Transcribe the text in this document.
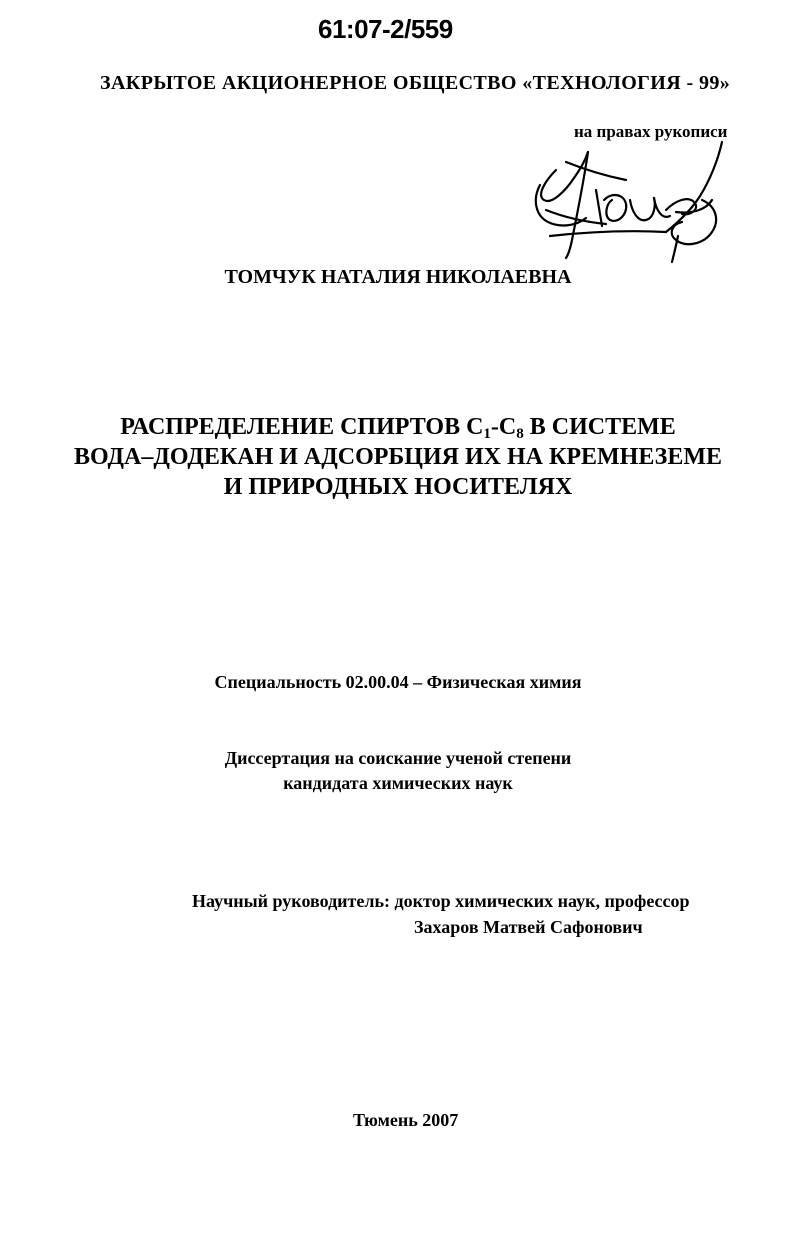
61:07-2/559
ЗАКРЫТОЕ АКЦИОНЕРНОЕ ОБЩЕСТВО «ТЕХНОЛОГИЯ - 99»
на правах рукописи
ТОМЧУК НАТАЛИЯ НИКОЛАЕВНА
РАСПРЕДЕЛЕНИЕ СПИРТОВ $С_1-С_8$ В СИСТЕМЕ
ВОДА–ДОДЕКАН И АДСОРБЦИЯ ИХ НА КРЕМНЕЗЕМЕ
И ПРИРОДНЫХ НОСИТЕЛЯХ
Специальность 02.00.04 – Физическая химия
Диссертация на соискание ученой степени
кандидата химических наук
Научный руководитель: доктор химических наук, профессор
Захаров Матвей Сафонович
Тюмень 2007
